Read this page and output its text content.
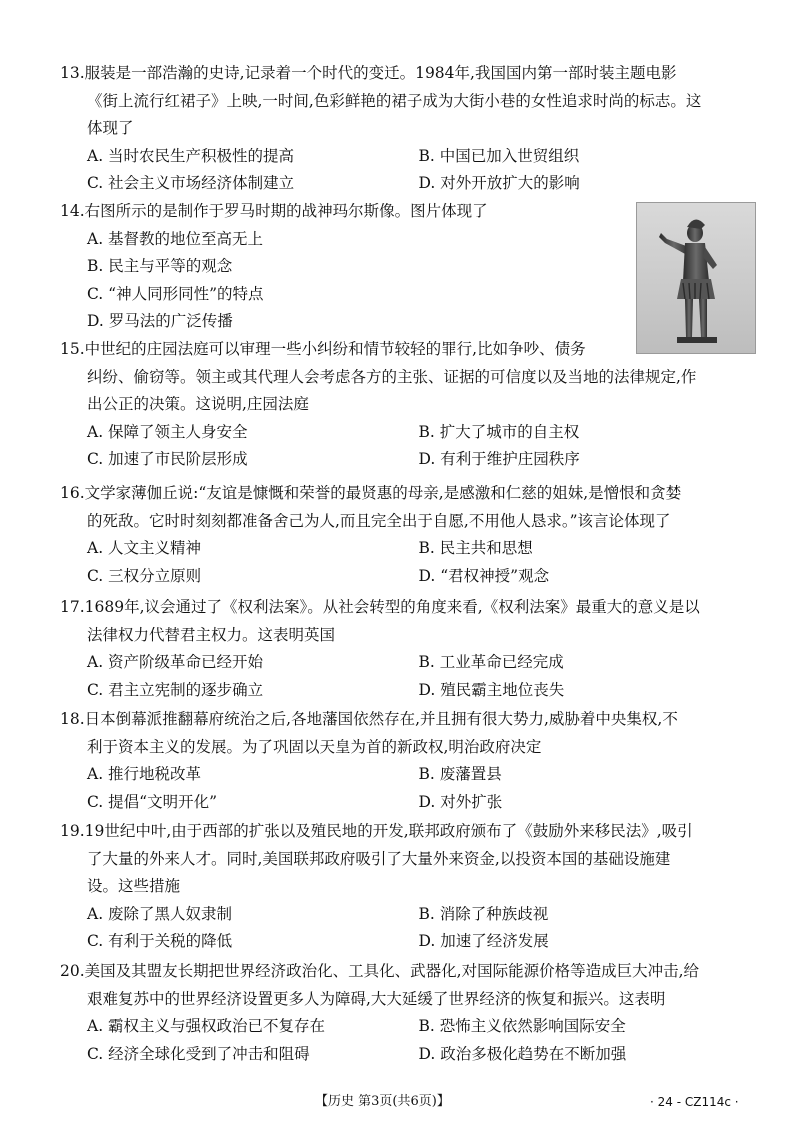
13.服装是一部浩瀚的史诗,记录着一个时代的变迁。1984年,我国国内第一部时装主题电影
《街上流行红裙子》上映,一时间,色彩鲜艳的裙子成为大街小巷的女性追求时尚的标志。这
体现了
A. 当时农民生产积极性的提高	B. 中国已加入世贸组织
C. 社会主义市场经济体制建立	D. 对外开放扩大的影响
14.右图所示的是制作于罗马时期的战神玛尔斯像。图片体现了
A. 基督教的地位至高无上
B. 民主与平等的观念
C. “神人同形同性”的特点
D. 罗马法的广泛传播
15.中世纪的庄园法庭可以审理一些小纠纷和情节较轻的罪行,比如争吵、债务
纠纷、偷窃等。领主或其代理人会考虑各方的主张、证据的可信度以及当地的法律规定,作
出公正的决策。这说明,庄园法庭
A. 保障了领主人身安全	B. 扩大了城市的自主权
C. 加速了市民阶层形成	D. 有利于维护庄园秩序
16.文学家薄伽丘说:“友谊是慷慨和荣誉的最贤惠的母亲,是感激和仁慈的姐妹,是憎恨和贪婪
的死敌。它时时刻刻都准备舍己为人,而且完全出于自愿,不用他人恳求。”该言论体现了
A. 人文主义精神	B. 民主共和思想
C. 三权分立原则	D. “君权神授”观念
17.1689年,议会通过了《权利法案》。从社会转型的角度来看,《权利法案》最重大的意义是以
法律权力代替君主权力。这表明英国
A. 资产阶级革命已经开始	B. 工业革命已经完成
C. 君主立宪制的逐步确立	D. 殖民霸主地位丧失
18.日本倒幕派推翻幕府统治之后,各地藩国依然存在,并且拥有很大势力,威胁着中央集权,不
利于资本主义的发展。为了巩固以天皇为首的新政权,明治政府决定
A. 推行地税改革	B. 废藩置县
C. 提倡“文明开化”	D. 对外扩张
19.19世纪中叶,由于西部的扩张以及殖民地的开发,联邦政府颁布了《鼓励外来移民法》,吸引
了大量的外来人才。同时,美国联邦政府吸引了大量外来资金,以投资本国的基础设施建
设。这些措施
A. 废除了黑人奴隶制	B. 消除了种族歧视
C. 有利于关税的降低	D. 加速了经济发展
20.美国及其盟友长期把世界经济政治化、工具化、武器化,对国际能源价格等造成巨大冲击,给
艰难复苏中的世界经济设置更多人为障碍,大大延缓了世界经济的恢复和振兴。这表明
A. 霸权主义与强权政治已不复存在	B. 恐怖主义依然影响国际安全
C. 经济全球化受到了冲击和阻碍	D. 政治多极化趋势在不断加强
【历史 第3页(共6页)】	· 24 - CZ114c ·
